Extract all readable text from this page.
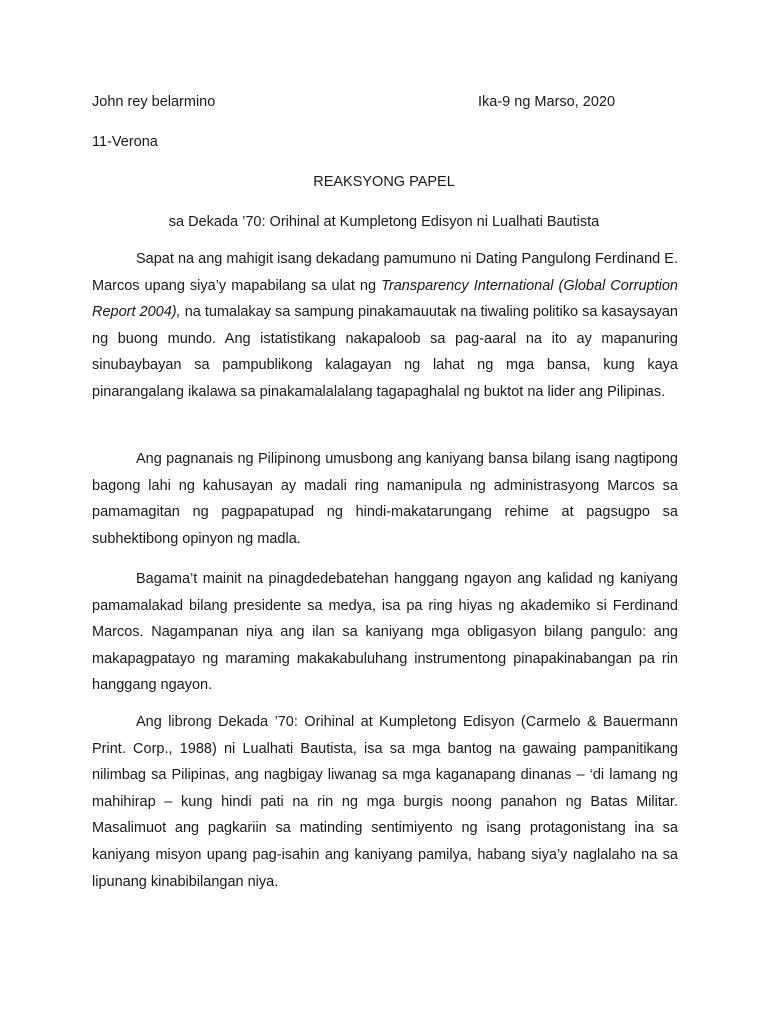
John rey belarmino	Ika-9 ng Marso, 2020

11-Verona

REAKSYONG PAPEL

sa Dekada ’70: Orihinal at Kumpletong Edisyon ni Lualhati Bautista

Sapat na ang mahigit isang dekadang pamumuno ni Dating Pangulong Ferdinand E. Marcos upang siya’y mapabilang sa ulat ng Transparency International (Global Corruption Report 2004), na tumalakay sa sampung pinakamauutak na tiwaling politiko sa kasaysayan ng buong mundo. Ang istatistikang nakapaloob sa pag-aaral na ito ay mapanuring sinubaybayan sa pampublikong kalagayan ng lahat ng mga bansa, kung kaya pinarangalang ikalawa sa pinakamalalalang tagapaghalal ng buktot na lider ang Pilipinas.

Ang pagnanais ng Pilipinong umusbong ang kaniyang bansa bilang isang nagtipong bagong lahi ng kahusayan ay madali ring namanipula ng administrasyong Marcos sa pamamagitan ng pagpapatupad ng hindi-makatarungang rehime at pagsugpo sa subhektibong opinyon ng madla.

Bagama’t mainit na pinagdedebatehan hanggang ngayon ang kalidad ng kaniyang pamamalakad bilang presidente sa medya, isa pa ring hiyas ng akademiko si Ferdinand Marcos. Nagampanan niya ang ilan sa kaniyang mga obligasyon bilang pangulo: ang makapagpatayo ng maraming makakabuluhang instrumentong pinapakinabangan pa rin hanggang ngayon.

Ang librong Dekada ’70: Orihinal at Kumpletong Edisyon (Carmelo & Bauermann Print. Corp., 1988) ni Lualhati Bautista, isa sa mga bantog na gawaing pampanitikang nilimbag sa Pilipinas, ang nagbigay liwanag sa mga kaganapang dinanas – ‘di lamang ng mahihirap – kung hindi pati na rin ng mga burgis noong panahon ng Batas Militar. Masalimuot ang pagkariin sa matinding sentimiyento ng isang protagonistang ina sa kaniyang misyon upang pag-isahin ang kaniyang pamilya, habang siya’y naglalaho na sa lipunang kinabibilangan niya.
